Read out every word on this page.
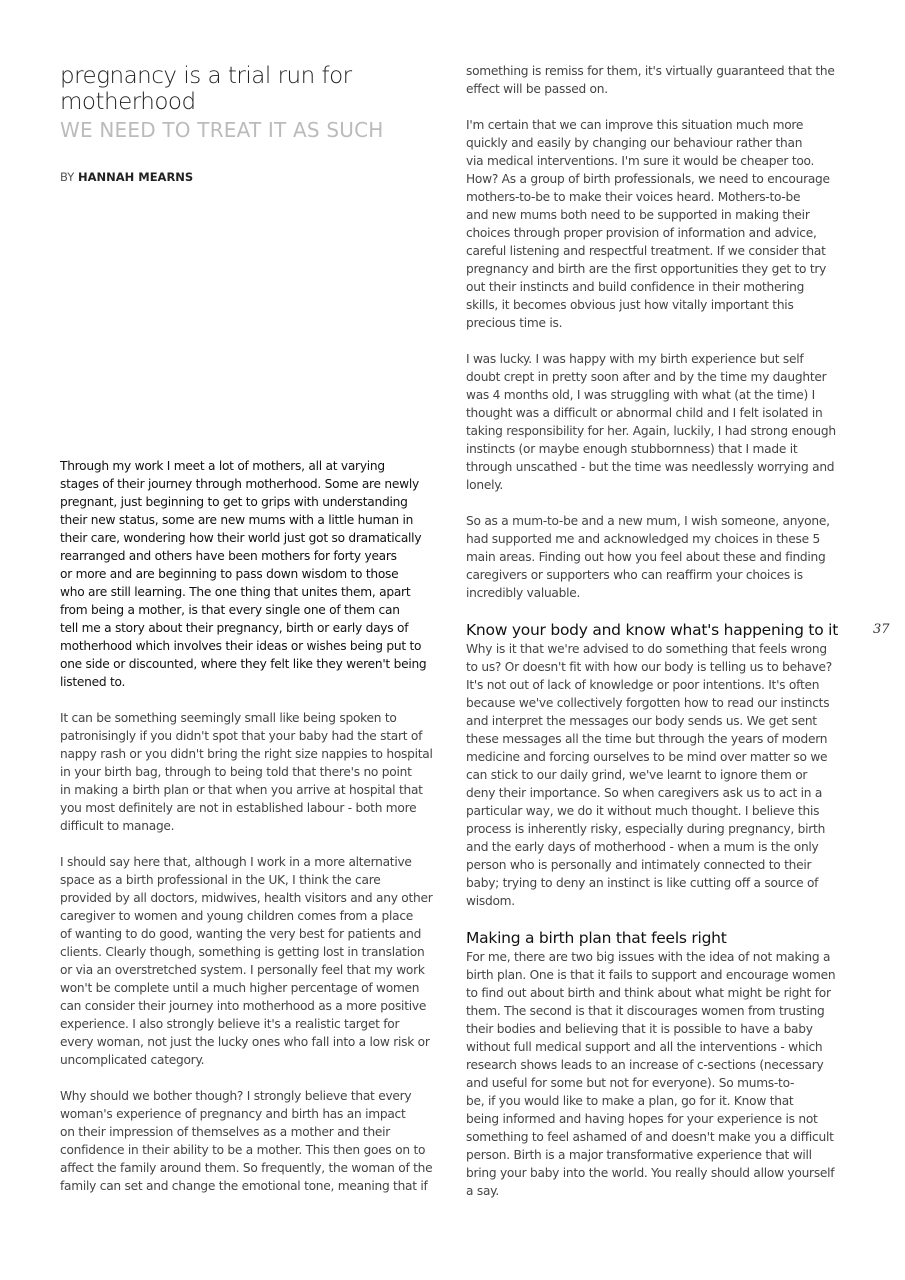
pregnancy is a trial run for
motherhood
WE NEED TO TREAT IT AS SUCH
BY HANNAH MEARNS

Through my work I meet a lot of mothers, all at varying
stages of their journey through motherhood. Some are newly
pregnant, just beginning to get to grips with understanding
their new status, some are new mums with a little human in
their care, wondering how their world just got so dramatically
rearranged and others have been mothers for forty years
or more and are beginning to pass down wisdom to those
who are still learning. The one thing that unites them, apart
from being a mother, is that every single one of them can
tell me a story about their pregnancy, birth or early days of
motherhood which involves their ideas or wishes being put to
one side or discounted, where they felt like they weren't being
listened to.

It can be something seemingly small like being spoken to
patronisingly if you didn't spot that your baby had the start of
nappy rash or you didn't bring the right size nappies to hospital
in your birth bag, through to being told that there's no point
in making a birth plan or that when you arrive at hospital that
you most definitely are not in established labour - both more
difficult to manage.

I should say here that, although I work in a more alternative
space as a birth professional in the UK, I think the care
provided by all doctors, midwives, health visitors and any other
caregiver to women and young children comes from a place
of wanting to do good, wanting the very best for patients and
clients. Clearly though, something is getting lost in translation
or via an overstretched system. I personally feel that my work
won't be complete until a much higher percentage of women
can consider their journey into motherhood as a more positive
experience. I also strongly believe it's a realistic target for
every woman, not just the lucky ones who fall into a low risk or
uncomplicated category.

Why should we bother though? I strongly believe that every
woman's experience of pregnancy and birth has an impact
on their impression of themselves as a mother and their
confidence in their ability to be a mother. This then goes on to
affect the family around them. So frequently, the woman of the
family can set and change the emotional tone, meaning that if

something is remiss for them, it's virtually guaranteed that the
effect will be passed on.

I'm certain that we can improve this situation much more
quickly and easily by changing our behaviour rather than
via medical interventions. I'm sure it would be cheaper too.
How? As a group of birth professionals, we need to encourage
mothers-to-be to make their voices heard. Mothers-to-be
and new mums both need to be supported in making their
choices through proper provision of information and advice,
careful listening and respectful treatment. If we consider that
pregnancy and birth are the first opportunities they get to try
out their instincts and build confidence in their mothering
skills, it becomes obvious just how vitally important this
precious time is.

I was lucky. I was happy with my birth experience but self
doubt crept in pretty soon after and by the time my daughter
was 4 months old, I was struggling with what (at the time) I
thought was a difficult or abnormal child and I felt isolated in
taking responsibility for her. Again, luckily, I had strong enough
instincts (or maybe enough stubbornness) that I made it
through unscathed - but the time was needlessly worrying and
lonely.

So as a mum-to-be and a new mum, I wish someone, anyone,
had supported me and acknowledged my choices in these 5
main areas. Finding out how you feel about these and finding
caregivers or supporters who can reaffirm your choices is
incredibly valuable.

Know your body and know what's happening to it

Why is it that we're advised to do something that feels wrong
to us? Or doesn't fit with how our body is telling us to behave?
It's not out of lack of knowledge or poor intentions. It's often
because we've collectively forgotten how to read our instincts
and interpret the messages our body sends us. We get sent
these messages all the time but through the years of modern
medicine and forcing ourselves to be mind over matter so we
can stick to our daily grind, we've learnt to ignore them or
deny their importance. So when caregivers ask us to act in a
particular way, we do it without much thought. I believe this
process is inherently risky, especially during pregnancy, birth
and the early days of motherhood - when a mum is the only
person who is personally and intimately connected to their
baby; trying to deny an instinct is like cutting off a source of
wisdom.

Making a birth plan that feels right

For me, there are two big issues with the idea of not making a
birth plan. One is that it fails to support and encourage women
to find out about birth and think about what might be right for
them. The second is that it discourages women from trusting
their bodies and believing that it is possible to have a baby
without full medical support and all the interventions - which
research shows leads to an increase of c-sections (necessary
and useful for some but not for everyone). So mums-to-
be, if you would like to make a plan, go for it. Know that
being informed and having hopes for your experience is not
something to feel ashamed of and doesn't make you a difficult
person. Birth is a major transformative experience that will
bring your baby into the world. You really should allow yourself
a say.

37
